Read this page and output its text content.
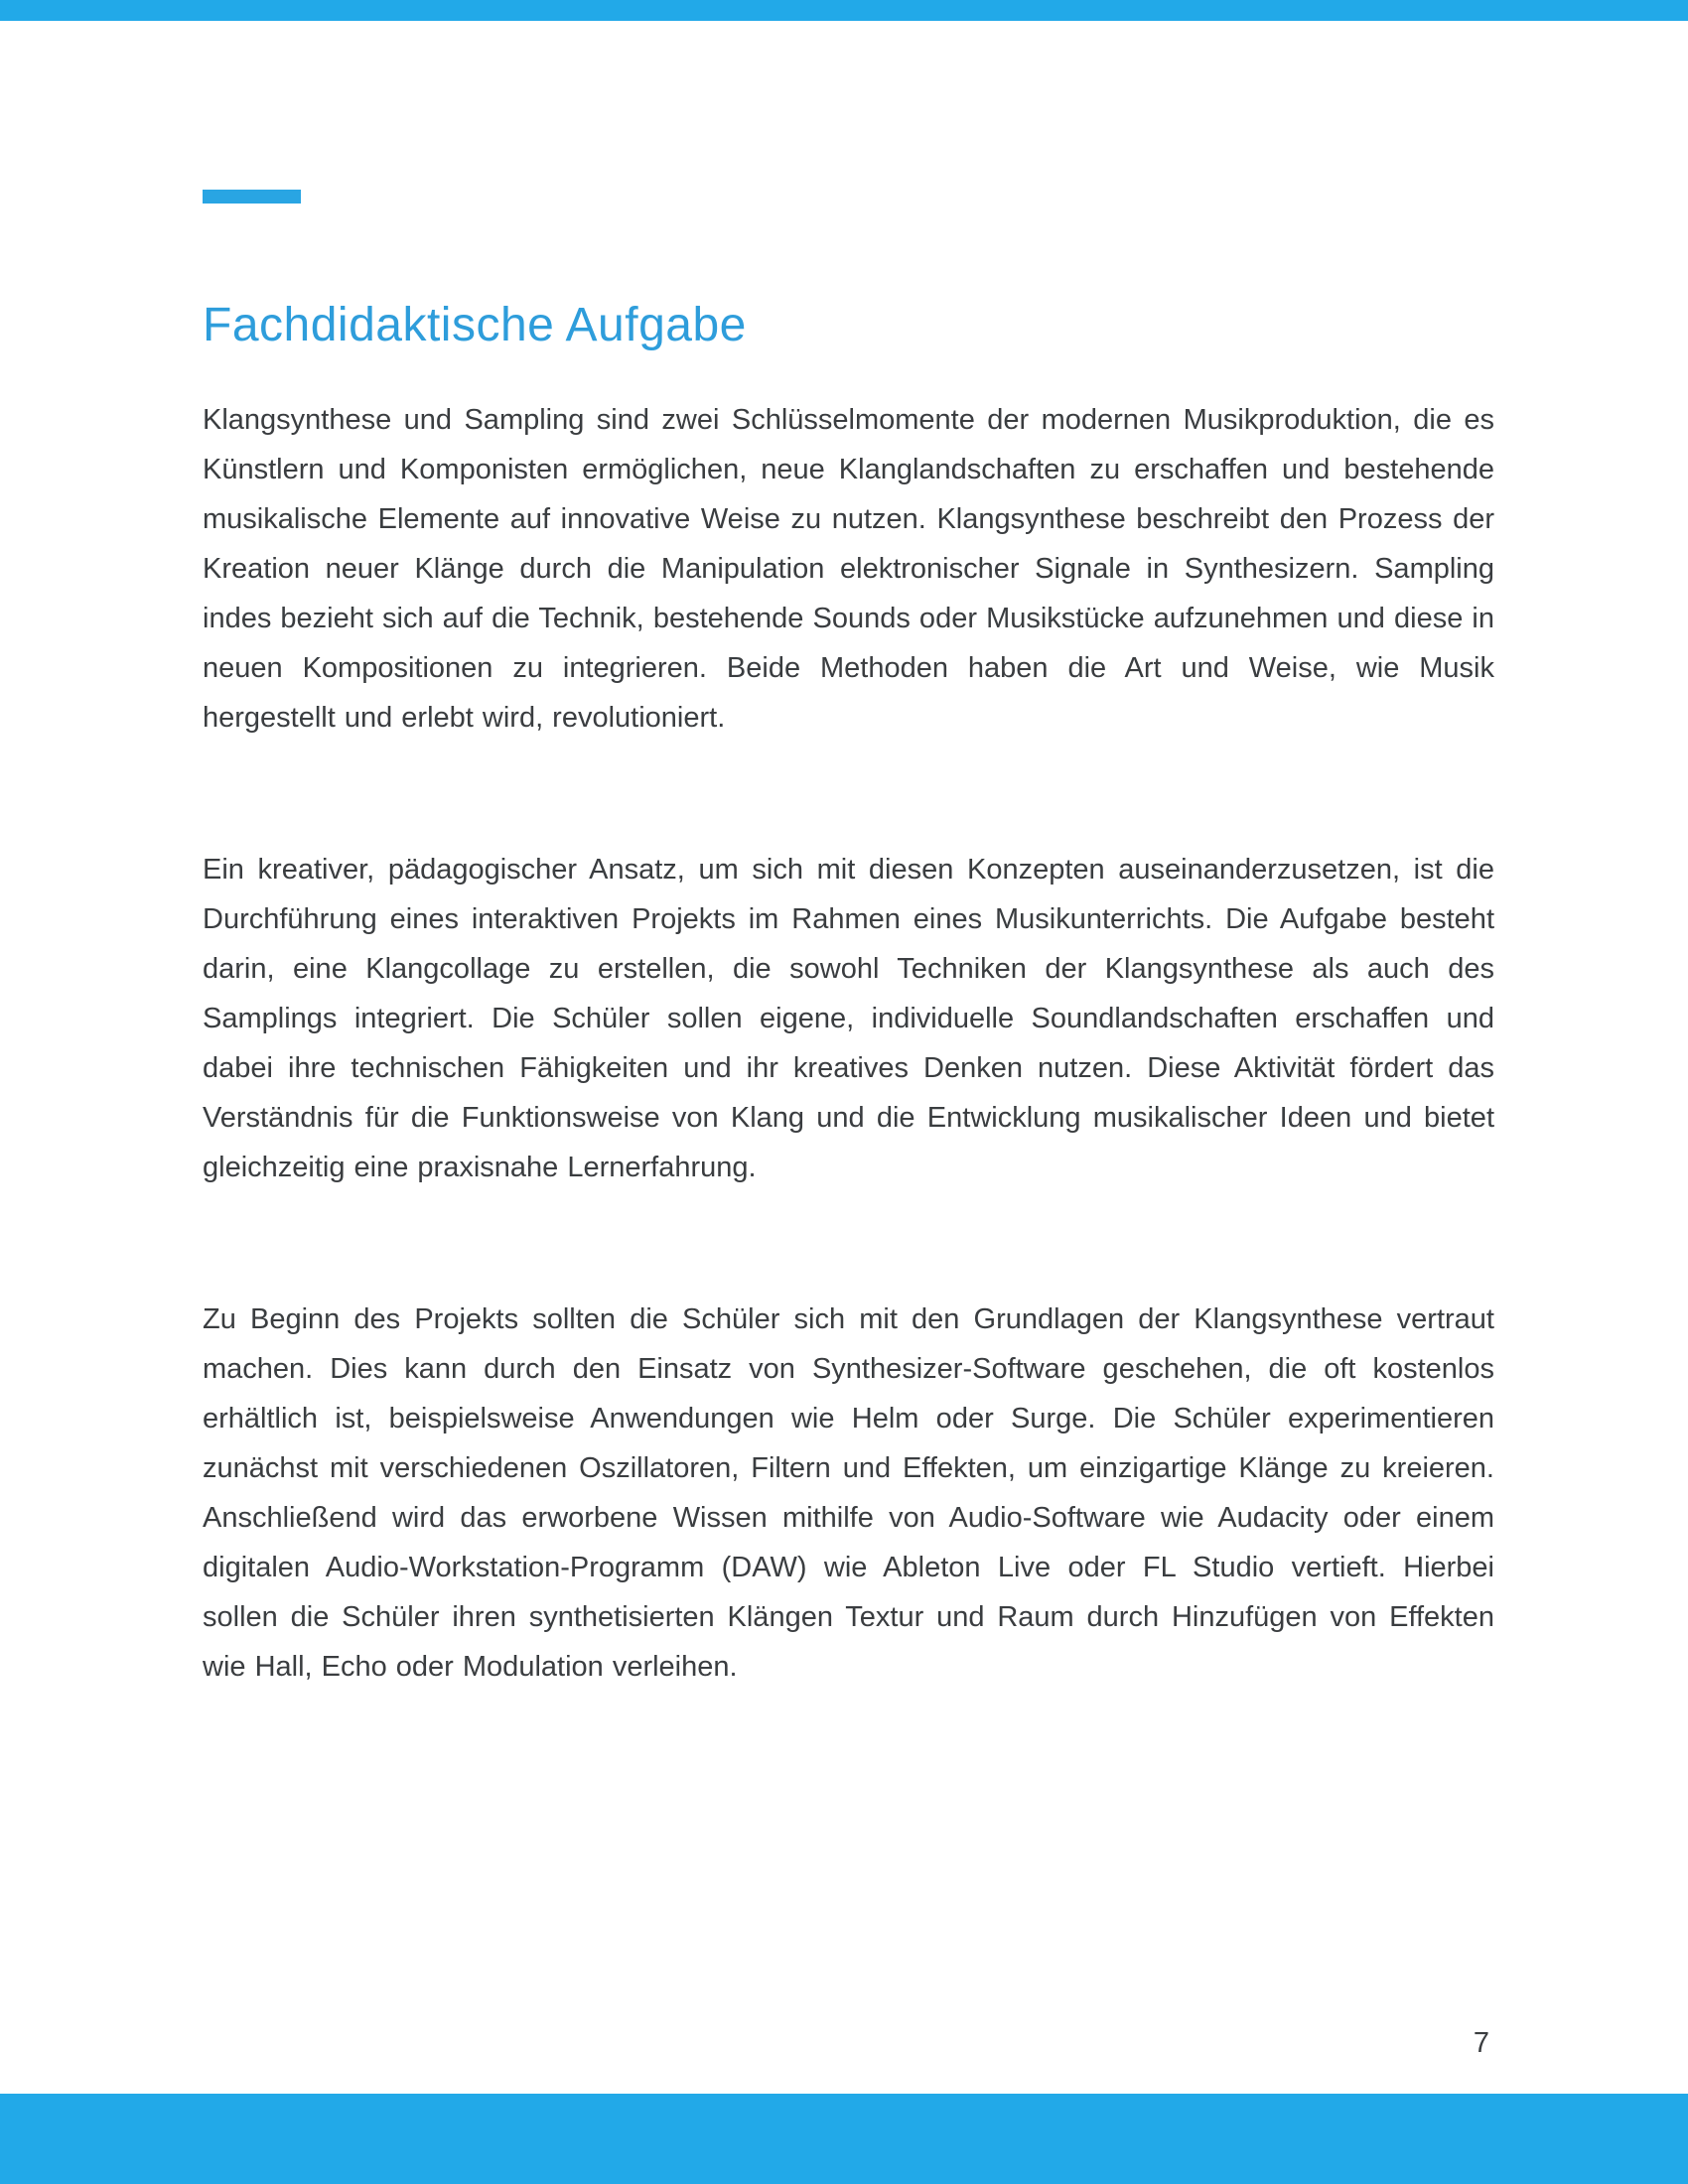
Fachdidaktische Aufgabe

Klangsynthese und Sampling sind zwei Schlüsselmomente der modernen Musikproduktion, die es Künstlern und Komponisten ermöglichen, neue Klanglandschaften zu erschaffen und bestehende musikalische Elemente auf innovative Weise zu nutzen. Klangsynthese beschreibt den Prozess der Kreation neuer Klänge durch die Manipulation elektronischer Signale in Synthesizern. Sampling indes bezieht sich auf die Technik, bestehende Sounds oder Musikstücke aufzunehmen und diese in neuen Kompositionen zu integrieren. Beide Methoden haben die Art und Weise, wie Musik hergestellt und erlebt wird, revolutioniert.

Ein kreativer, pädagogischer Ansatz, um sich mit diesen Konzepten auseinanderzusetzen, ist die Durchführung eines interaktiven Projekts im Rahmen eines Musikunterrichts. Die Aufgabe besteht darin, eine Klangcollage zu erstellen, die sowohl Techniken der Klangsynthese als auch des Samplings integriert. Die Schüler sollen eigene, individuelle Soundlandschaften erschaffen und dabei ihre technischen Fähigkeiten und ihr kreatives Denken nutzen. Diese Aktivität fördert das Verständnis für die Funktionsweise von Klang und die Entwicklung musikalischer Ideen und bietet gleichzeitig eine praxisnahe Lernerfahrung.

Zu Beginn des Projekts sollten die Schüler sich mit den Grundlagen der Klangsynthese vertraut machen. Dies kann durch den Einsatz von Synthesizer-Software geschehen, die oft kostenlos erhältlich ist, beispielsweise Anwendungen wie Helm oder Surge. Die Schüler experimentieren zunächst mit verschiedenen Oszillatoren, Filtern und Effekten, um einzigartige Klänge zu kreieren. Anschließend wird das erworbene Wissen mithilfe von Audio-Software wie Audacity oder einem digitalen Audio-Workstation-Programm (DAW) wie Ableton Live oder FL Studio vertieft. Hierbei sollen die Schüler ihren synthetisierten Klängen Textur und Raum durch Hinzufügen von Effekten wie Hall, Echo oder Modulation verleihen.

7
